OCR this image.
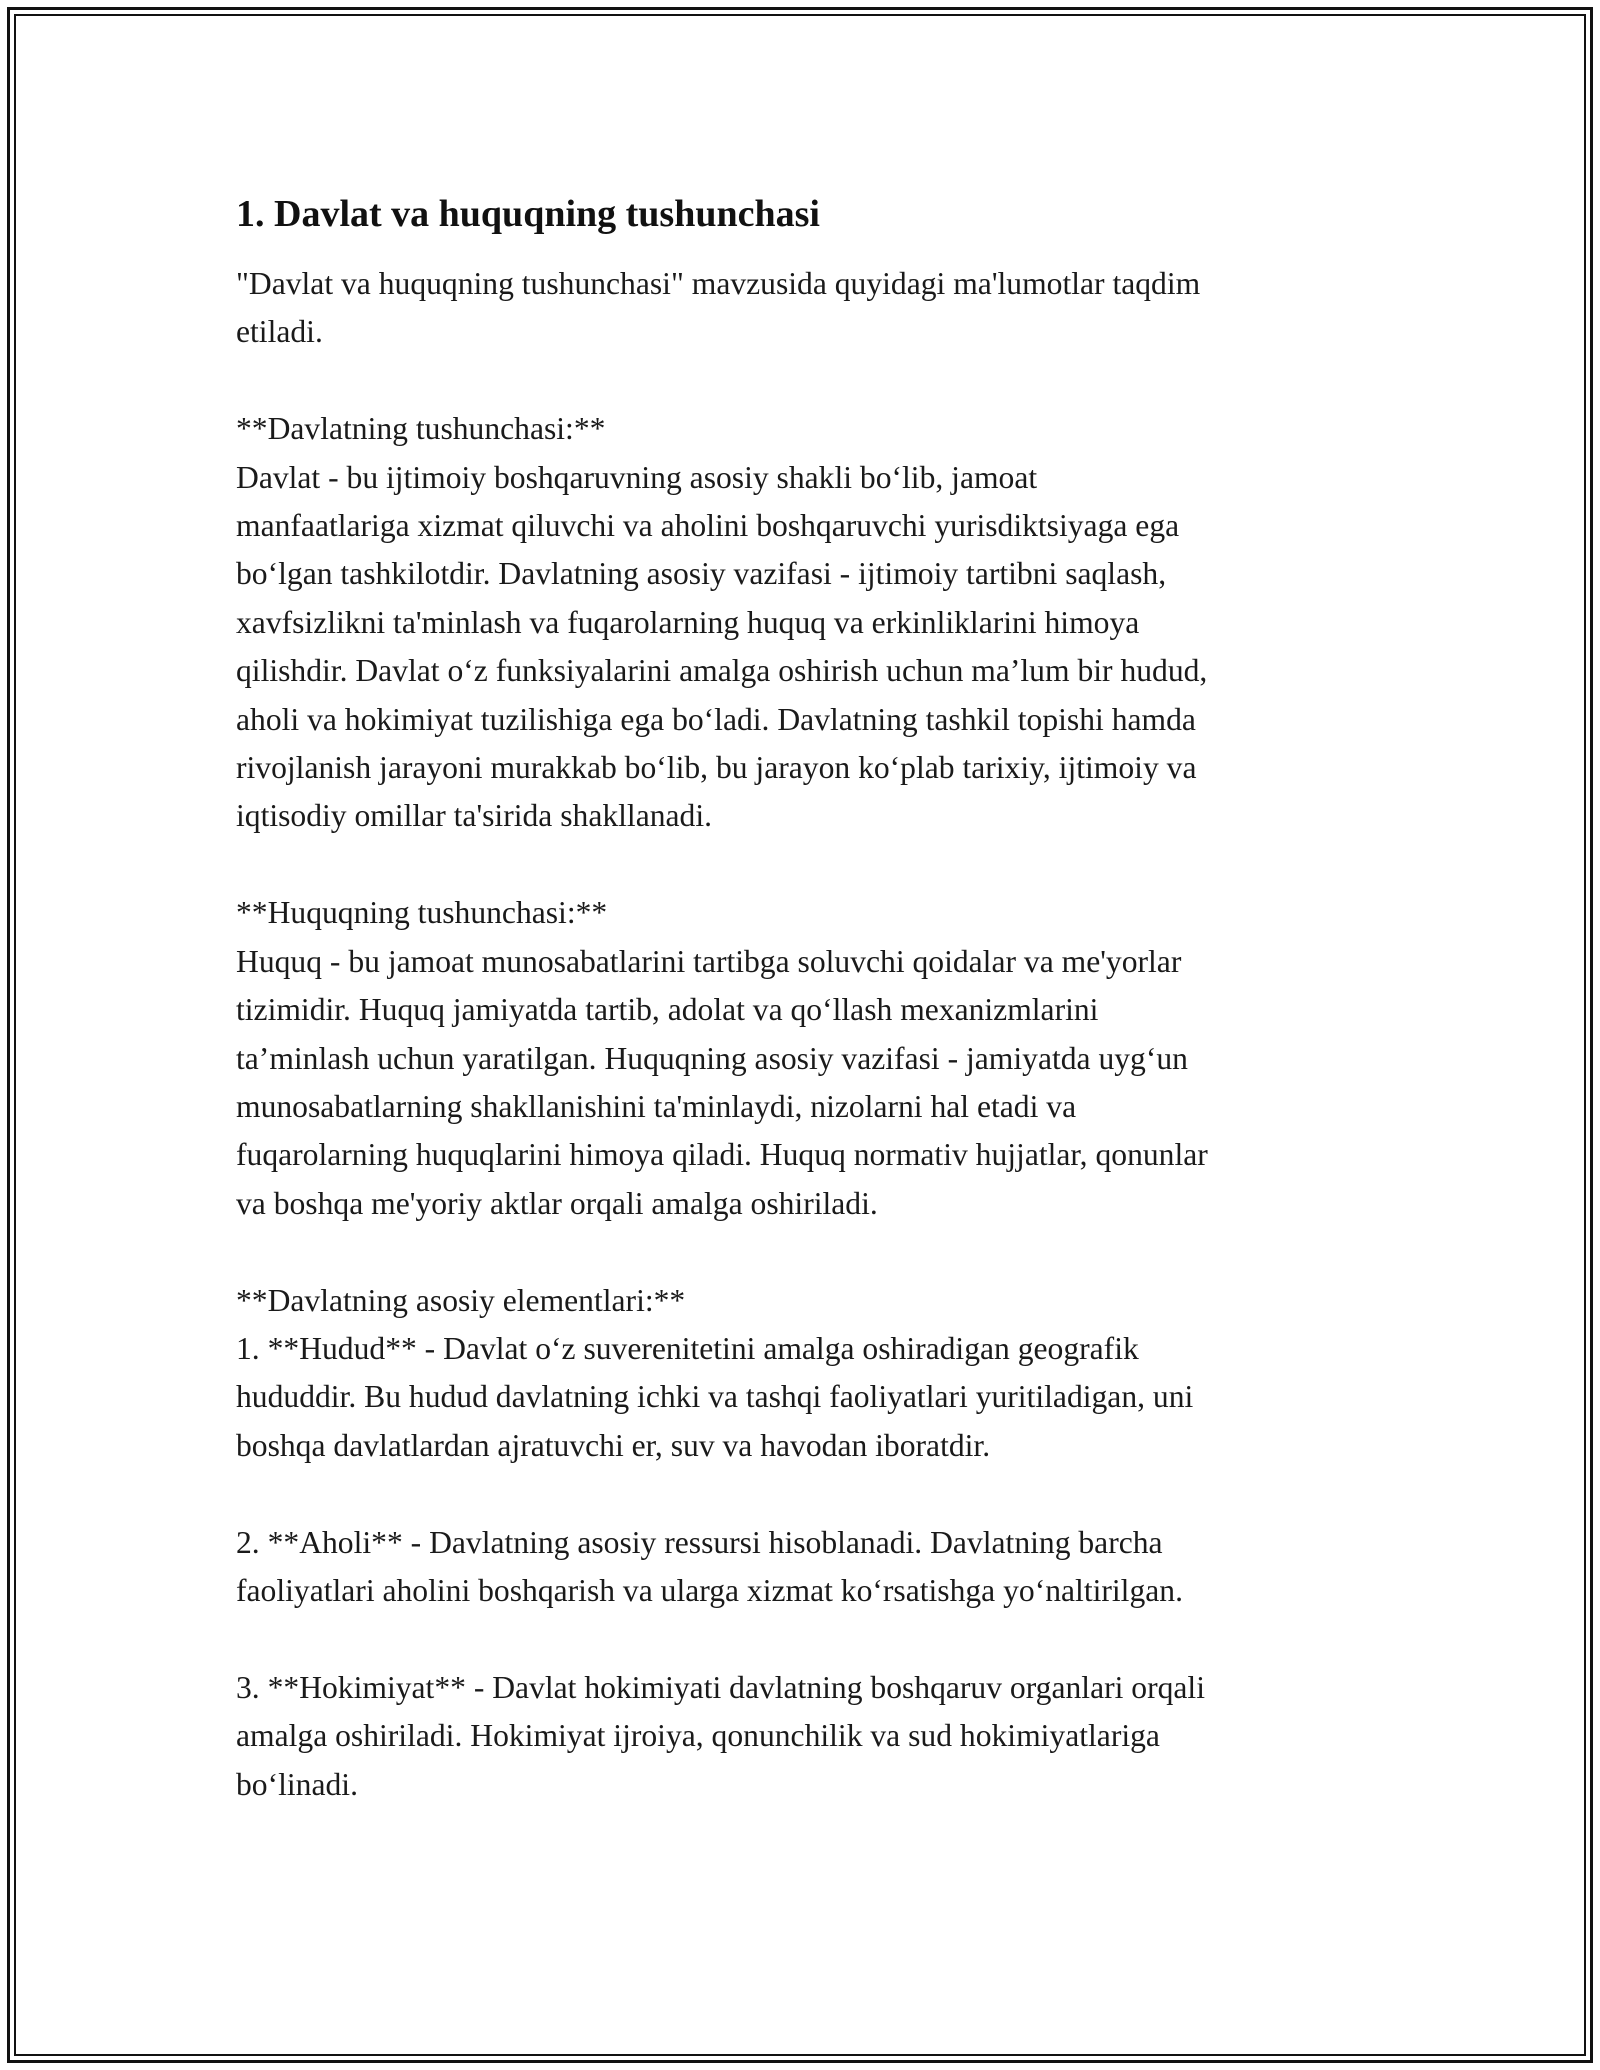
1. Davlat va huquqning tushunchasi

"Davlat va huquqning tushunchasi" mavzusida quyidagi ma'lumotlar taqdim
etiladi.

**Davlatning tushunchasi:**

Davlat - bu ijtimoiy boshqaruvning asosiy shakli bo‘lib, jamoat
manfaatlariga xizmat qiluvchi va aholini boshqaruvchi yurisdiktsiyaga ega
bo‘lgan tashkilotdir. Davlatning asosiy vazifasi - ijtimoiy tartibni saqlash,
xavfsizlikni ta'minlash va fuqarolarning huquq va erkinliklarini himoya
qilishdir. Davlat o‘z funksiyalarini amalga oshirish uchun ma’lum bir hudud,
aholi va hokimiyat tuzilishiga ega bo‘ladi. Davlatning tashkil topishi hamda
rivojlanish jarayoni murakkab bo‘lib, bu jarayon ko‘plab tarixiy, ijtimoiy va
iqtisodiy omillar ta'sirida shakllanadi.

**Huquqning tushunchasi:**

Huquq - bu jamoat munosabatlarini tartibga soluvchi qoidalar va me'yorlar
tizimidir. Huquq jamiyatda tartib, adolat va qo‘llash mexanizmlarini
ta’minlash uchun yaratilgan. Huquqning asosiy vazifasi - jamiyatda uyg‘un
munosabatlarning shakllanishini ta'minlaydi, nizolarni hal etadi va
fuqarolarning huquqlarini himoya qiladi. Huquq normativ hujjatlar, qonunlar
va boshqa me'yoriy aktlar orqali amalga oshiriladi.

**Davlatning asosiy elementlari:**

1. **Hudud** - Davlat o‘z suverenitetini amalga oshiradigan geografik
hududdir. Bu hudud davlatning ichki va tashqi faoliyatlari yuritiladigan, uni
boshqa davlatlardan ajratuvchi er, suv va havodan iboratdir.

2. **Aholi** - Davlatning asosiy ressursi hisoblanadi. Davlatning barcha
faoliyatlari aholini boshqarish va ularga xizmat ko‘rsatishga yo‘naltirilgan.

3. **Hokimiyat** - Davlat hokimiyati davlatning boshqaruv organlari orqali
amalga oshiriladi. Hokimiyat ijroiya, qonunchilik va sud hokimiyatlariga
bo‘linadi.
